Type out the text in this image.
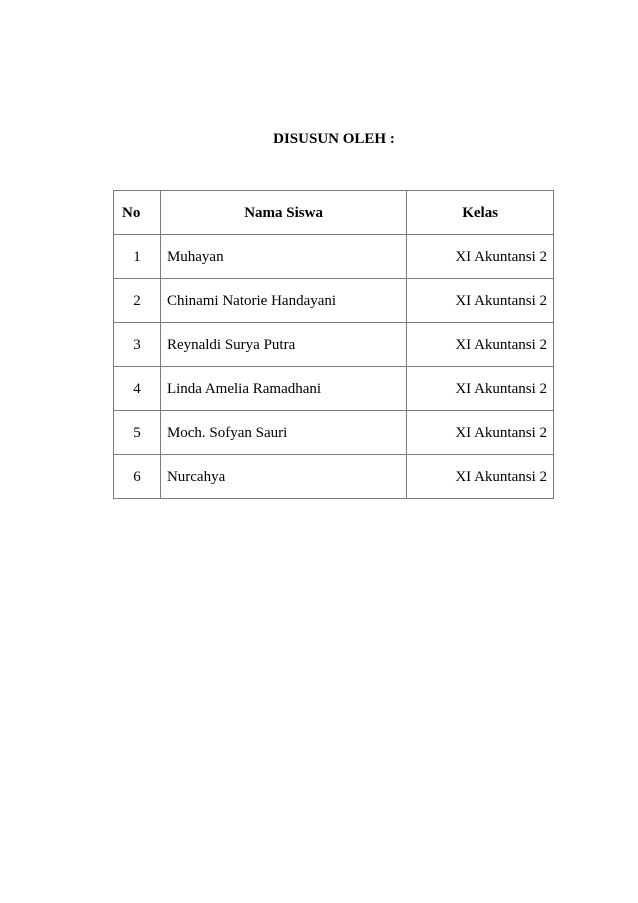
DISUSUN OLEH :
No	Nama Siswa	Kelas
1	Muhayan	XI Akuntansi 2
2	Chinami Natorie Handayani	XI Akuntansi 2
3	Reynaldi Surya Putra	XI Akuntansi 2
4	Linda Amelia Ramadhani	XI Akuntansi 2
5	Moch. Sofyan Sauri	XI Akuntansi 2
6	Nurcahya	XI Akuntansi 2
